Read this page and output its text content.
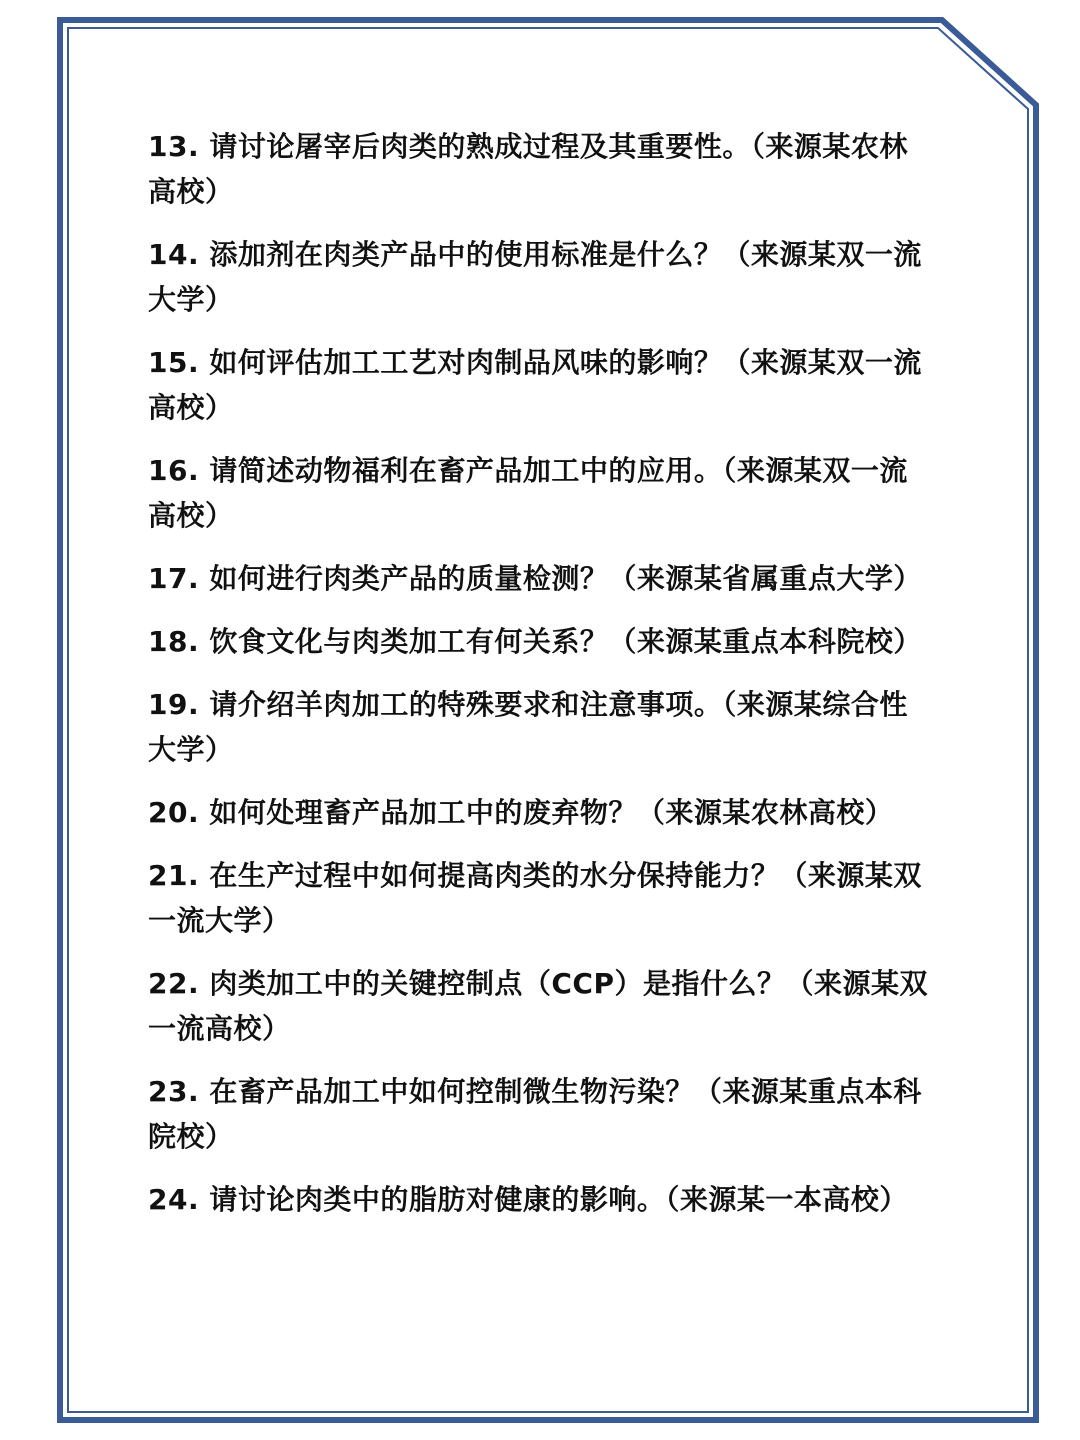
13. 请讨论屠宰后肉类的熟成过程及其重要性。（来源某农林高校）

14. 添加剂在肉类产品中的使用标准是什么？（来源某双一流大学）

15. 如何评估加工工艺对肉制品风味的影响？（来源某双一流高校）

16. 请简述动物福利在畜产品加工中的应用。（来源某双一流高校）

17. 如何进行肉类产品的质量检测？（来源某省属重点大学）

18. 饮食文化与肉类加工有何关系？（来源某重点本科院校）

19. 请介绍羊肉加工的特殊要求和注意事项。（来源某综合性大学）

20. 如何处理畜产品加工中的废弃物？（来源某农林高校）

21. 在生产过程中如何提高肉类的水分保持能力？（来源某双一流大学）

22. 肉类加工中的关键控制点（CCP）是指什么？（来源某双一流高校）

23. 在畜产品加工中如何控制微生物污染？（来源某重点本科院校）

24. 请讨论肉类中的脂肪对健康的影响。（来源某一本高校）
